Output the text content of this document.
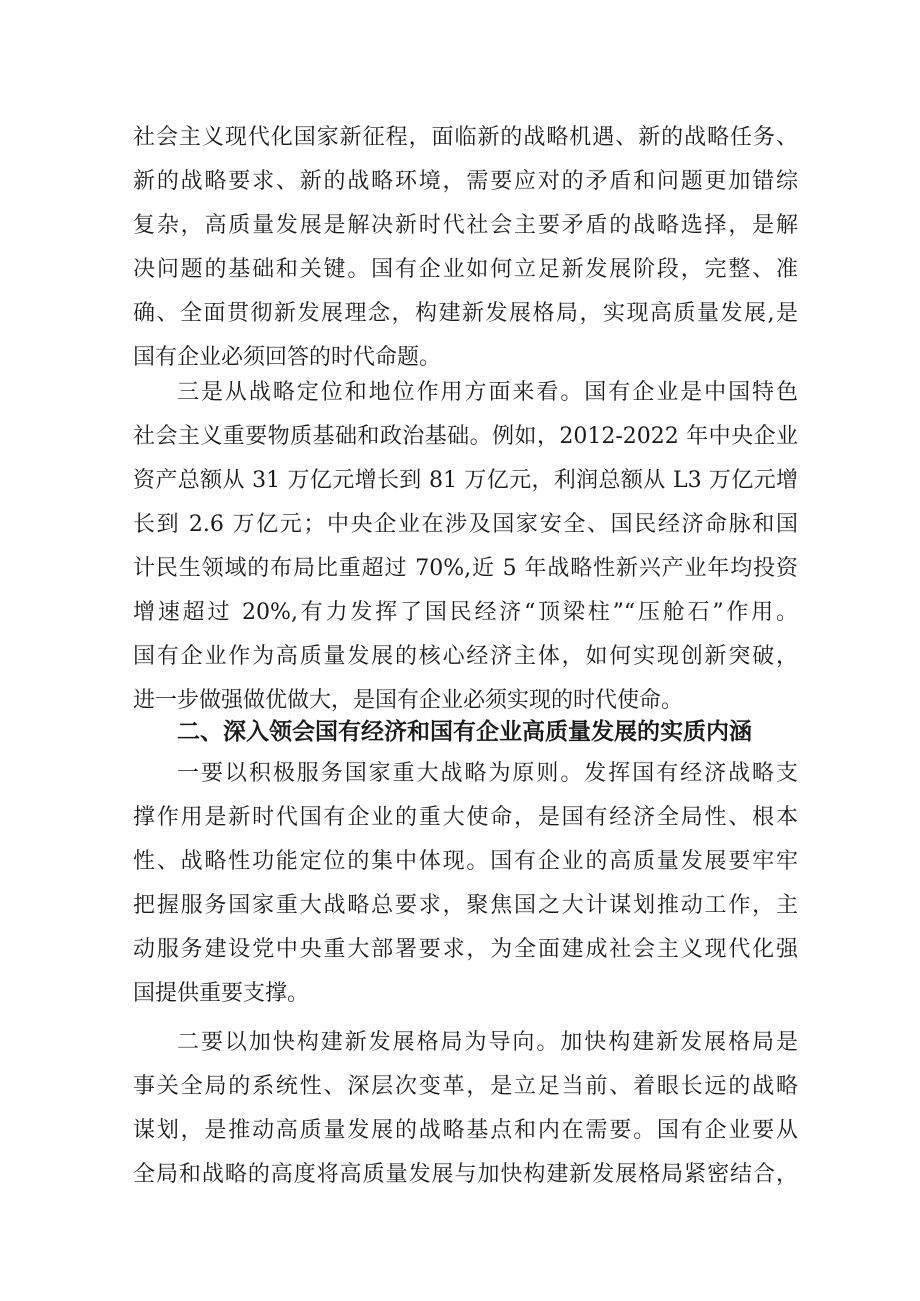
社会主义现代化国家新征程，面临新的战略机遇、新的战略任务、
新的战略要求、新的战略环境，需要应对的矛盾和问题更加错综
复杂，高质量发展是解决新时代社会主要矛盾的战略选择，是解
决问题的基础和关键。国有企业如何立足新发展阶段，完整、准
确、全面贯彻新发展理念，构建新发展格局，实现高质量发展,是
国有企业必须回答的时代命题。
三是从战略定位和地位作用方面来看。国有企业是中国特色
社会主义重要物质基础和政治基础。例如，2012-2022 年中央企业
资产总额从 31 万亿元增长到 81 万亿元，利润总额从 L3 万亿元增
长到 2.6 万亿元；中央企业在涉及国家安全、国民经济命脉和国
计民生领域的布局比重超过 70%,近 5 年战略性新兴产业年均投资
增速超过 20%,有力发挥了国民经济“顶梁柱”“压舱石”作用。
国有企业作为高质量发展的核心经济主体，如何实现创新突破，
进一步做强做优做大，是国有企业必须实现的时代使命。
二、深入领会国有经济和国有企业高质量发展的实质内涵
一要以积极服务国家重大战略为原则。发挥国有经济战略支
撑作用是新时代国有企业的重大使命，是国有经济全局性、根本
性、战略性功能定位的集中体现。国有企业的高质量发展要牢牢
把握服务国家重大战略总要求，聚焦国之大计谋划推动工作，主
动服务建设党中央重大部署要求，为全面建成社会主义现代化强
国提供重要支撑。
二要以加快构建新发展格局为导向。加快构建新发展格局是
事关全局的系统性、深层次变革，是立足当前、着眼长远的战略
谋划，是推动高质量发展的战略基点和内在需要。国有企业要从
全局和战略的高度将高质量发展与加快构建新发展格局紧密结合，
